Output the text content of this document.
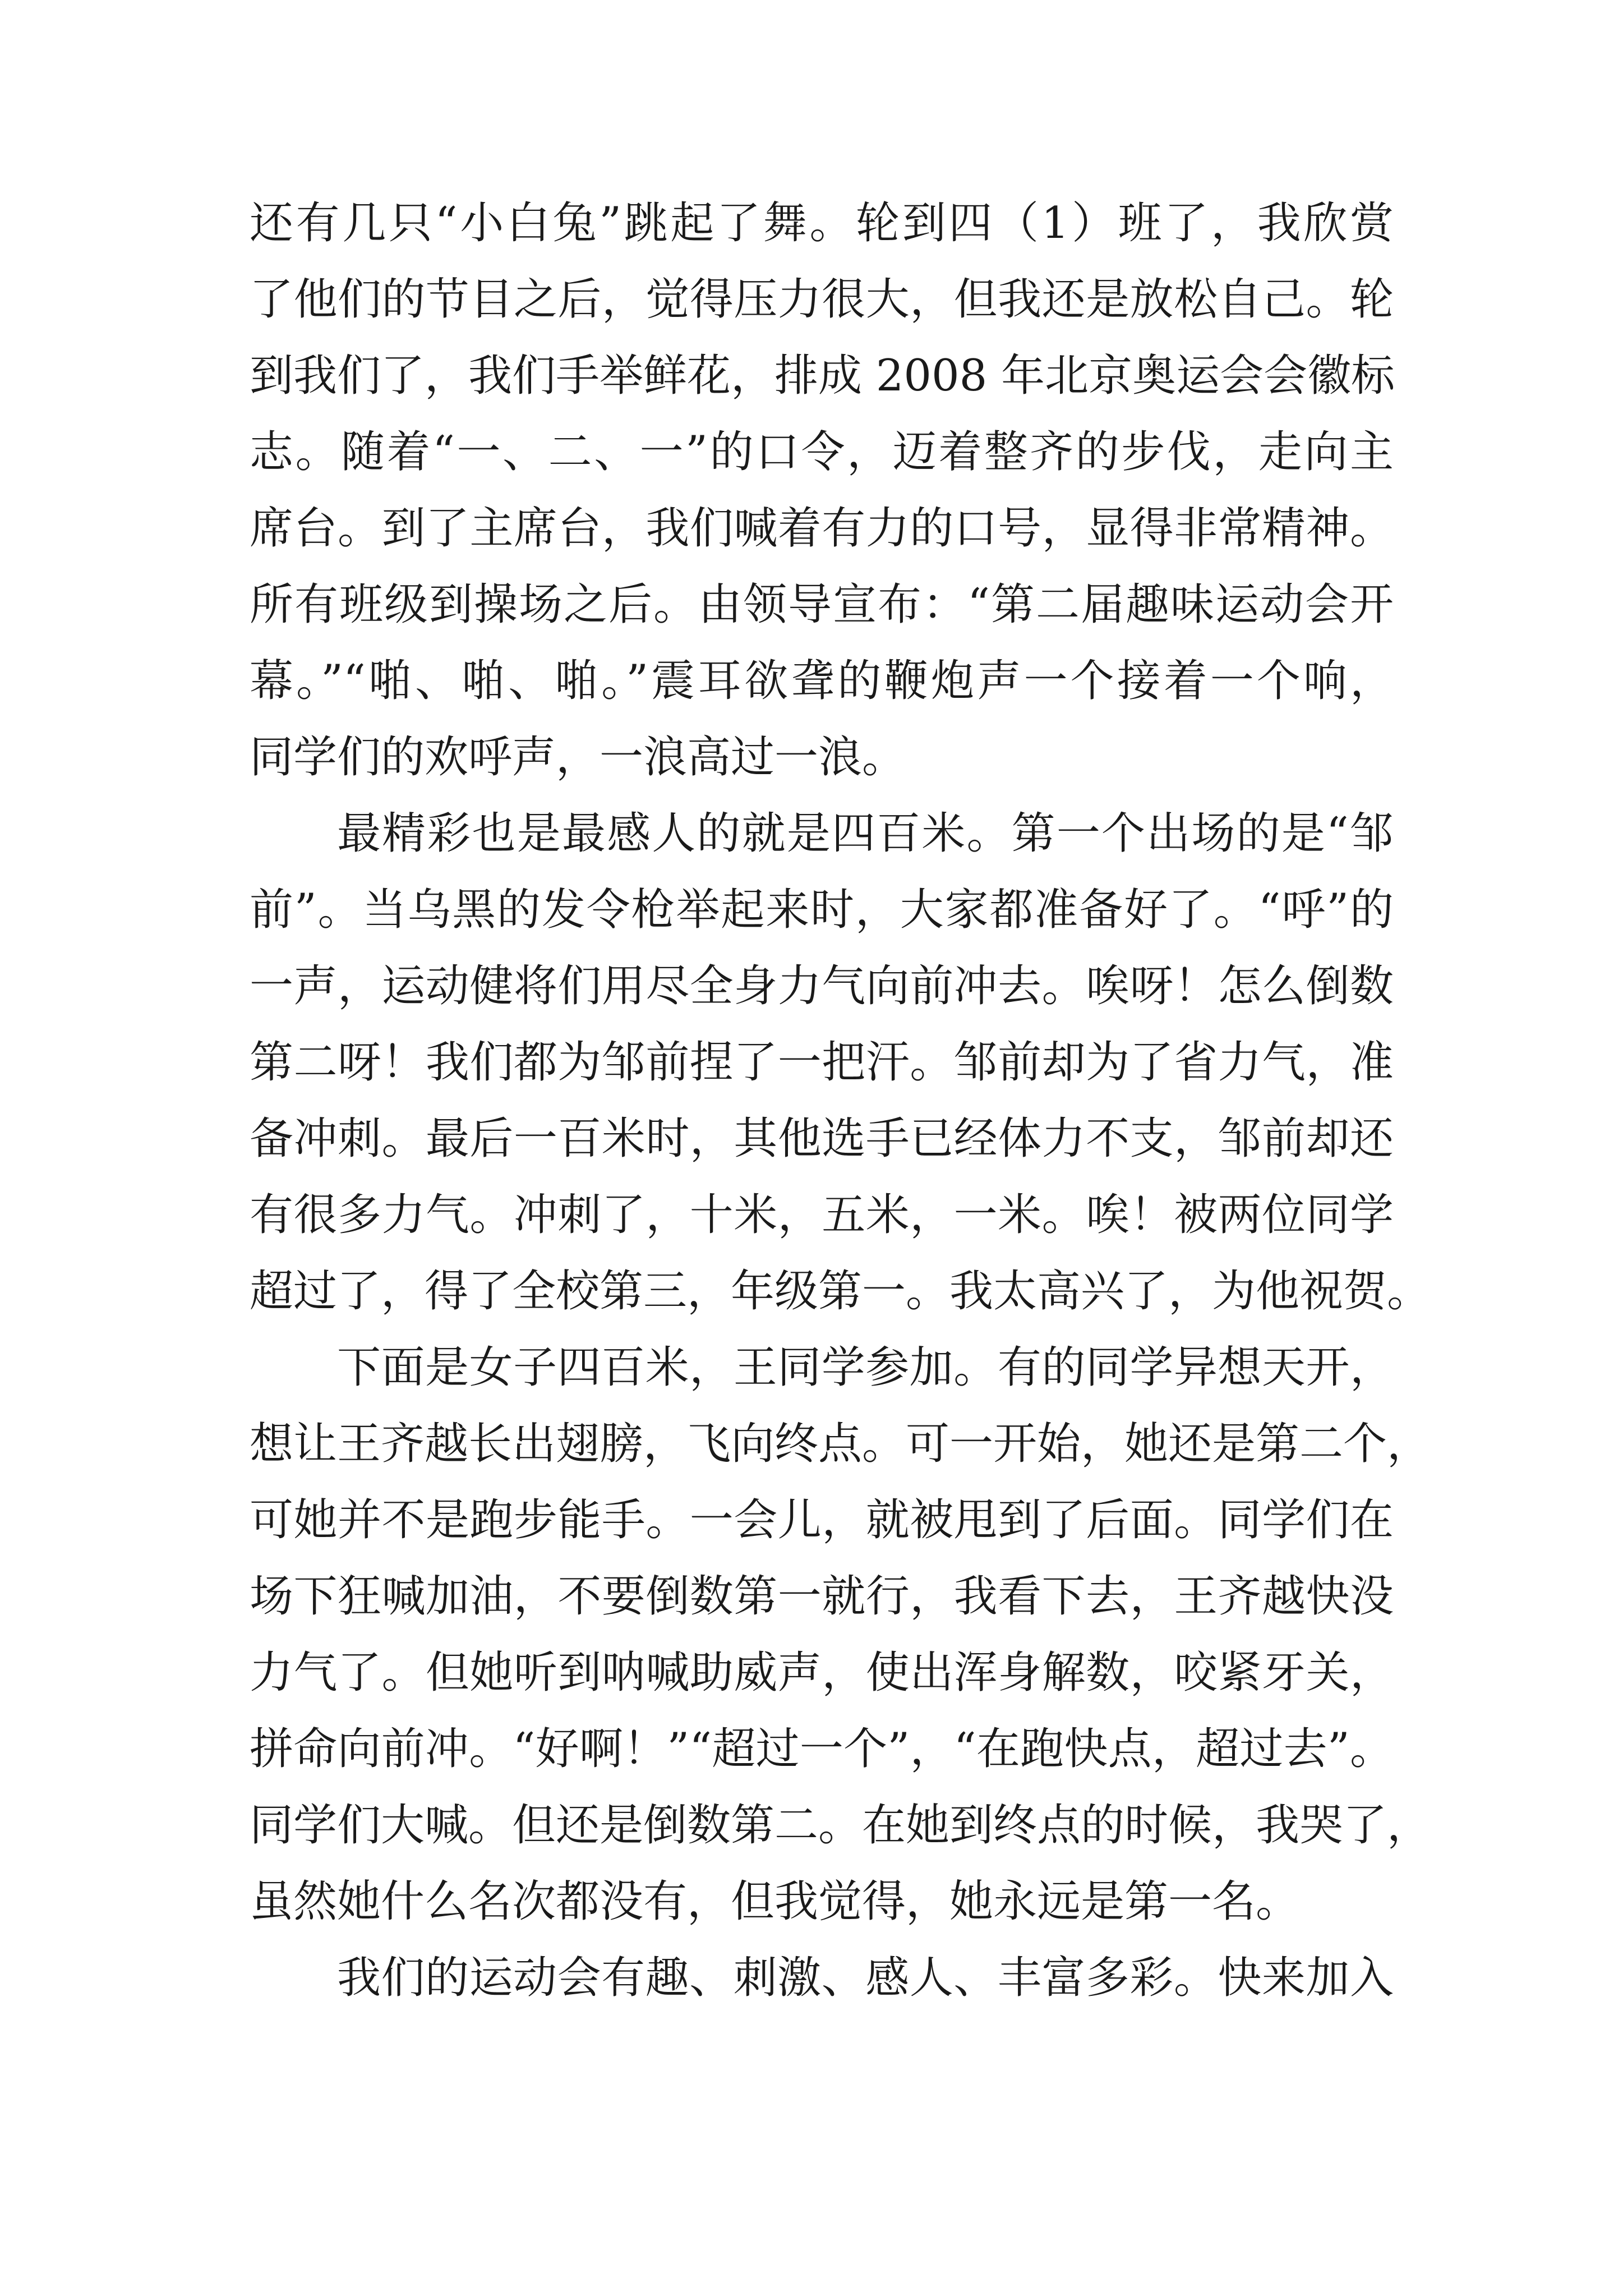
还有几只“小白兔”跳起了舞。轮到四（1）班了，我欣赏
了他们的节目之后，觉得压力很大，但我还是放松自己。轮
到我们了，我们手举鲜花，排成 2008 年北京奥运会会徽标
志。随着“一、二、一”的口令，迈着整齐的步伐，走向主
席台。到了主席台，我们喊着有力的口号，显得非常精神。
所有班级到操场之后。由领导宣布：“第二届趣味运动会开
幕。”“啪、啪、啪。”震耳欲聋的鞭炮声一个接着一个响，
同学们的欢呼声，一浪高过一浪。
最精彩也是最感人的就是四百米。第一个出场的是“邹
前”。当乌黑的发令枪举起来时，大家都准备好了。“呼”的
一声，运动健将们用尽全身力气向前冲去。唉呀！怎么倒数
第二呀！我们都为邹前捏了一把汗。邹前却为了省力气，准
备冲刺。最后一百米时，其他选手已经体力不支，邹前却还
有很多力气。冲刺了，十米，五米，一米。唉！被两位同学
超过了，得了全校第三，年级第一。我太高兴了，为他祝贺。
下面是女子四百米，王同学参加。有的同学异想天开，
想让王齐越长出翅膀，飞向终点。可一开始，她还是第二个，
可她并不是跑步能手。一会儿，就被甩到了后面。同学们在
场下狂喊加油，不要倒数第一就行，我看下去，王齐越快没
力气了。但她听到呐喊助威声，使出浑身解数，咬紧牙关，
拼命向前冲。“好啊！”“超过一个”，“在跑快点，超过去”。
同学们大喊。但还是倒数第二。在她到终点的时候，我哭了，
虽然她什么名次都没有，但我觉得，她永远是第一名。
我们的运动会有趣、刺激、感人、丰富多彩。快来加入
